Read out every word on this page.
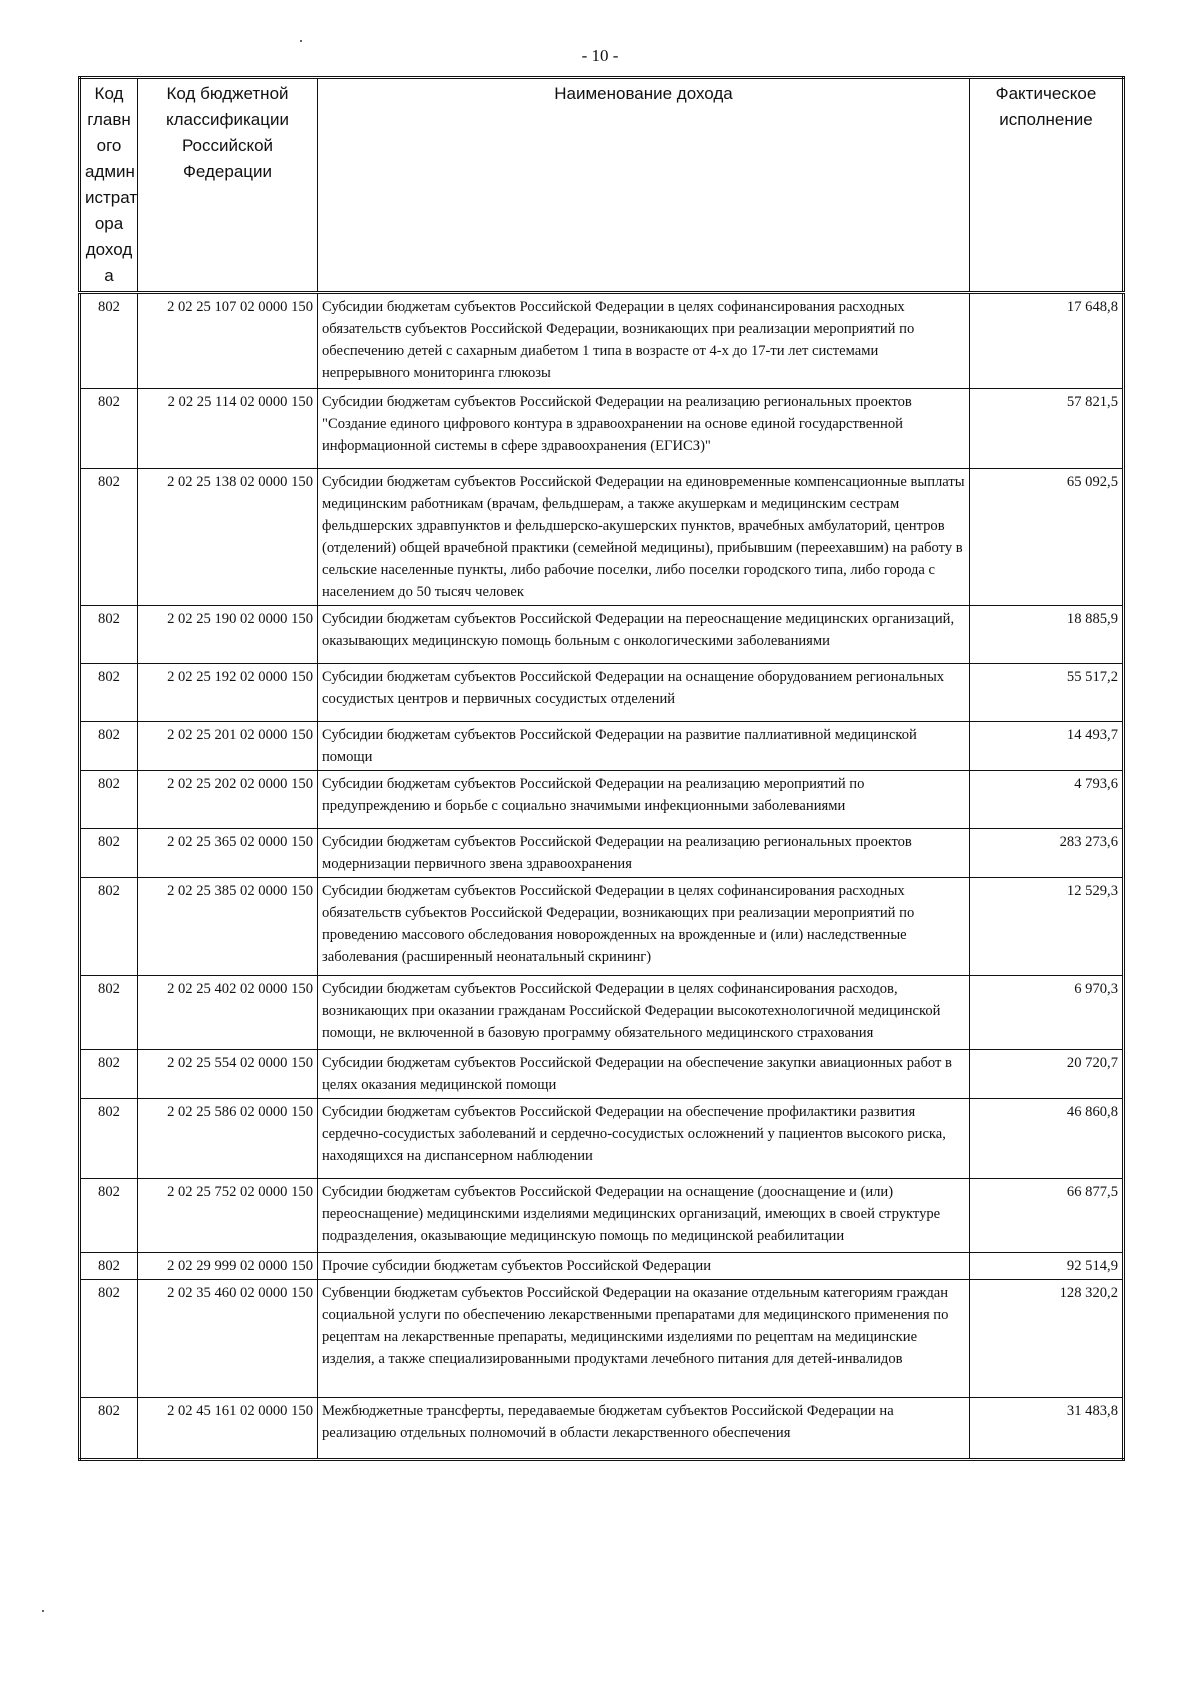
- 10 -
Код главн ого админ истрат ора доход а	Код бюджетной классификации Российской Федерации	Наименование дохода	Фактическое исполнение
802	2 02 25 107 02 0000 150	Субсидии бюджетам субъектов Российской Федерации в целях софинансирования расходных обязательств субъектов Российской Федерации, возникающих при реализации мероприятий по обеспечению детей с сахарным диабетом 1 типа в возрасте от 4-х до 17-ти лет системами непрерывного мониторинга глюкозы	17 648,8
802	2 02 25 114 02 0000 150	Субсидии бюджетам субъектов Российской Федерации на реализацию региональных проектов "Создание единого цифрового контура в здравоохранении на основе единой государственной информационной системы в сфере здравоохранения (ЕГИСЗ)"	57 821,5
802	2 02 25 138 02 0000 150	Субсидии бюджетам субъектов Российской Федерации на единовременные компенсационные выплаты медицинским работникам (врачам, фельдшерам, а также акушеркам и медицинским сестрам фельдшерских здравпунктов и фельдшерско-акушерских пунктов, врачебных амбулаторий, центров (отделений) общей врачебной практики (семейной медицины), прибывшим (переехавшим) на работу в сельские населенные пункты, либо рабочие поселки, либо поселки городского типа, либо города с населением до 50 тысяч человек	65 092,5
802	2 02 25 190 02 0000 150	Субсидии бюджетам субъектов Российской Федерации на переоснащение медицинских организаций, оказывающих медицинскую помощь больным с онкологическими заболеваниями	18 885,9
802	2 02 25 192 02 0000 150	Субсидии бюджетам субъектов Российской Федерации на оснащение оборудованием региональных сосудистых центров и первичных сосудистых отделений	55 517,2
802	2 02 25 201 02 0000 150	Субсидии бюджетам субъектов Российской Федерации на развитие паллиативной медицинской помощи	14 493,7
802	2 02 25 202 02 0000 150	Субсидии бюджетам субъектов Российской Федерации на реализацию мероприятий по предупреждению и борьбе с социально значимыми инфекционными заболеваниями	4 793,6
802	2 02 25 365 02 0000 150	Субсидии бюджетам субъектов Российской Федерации на реализацию региональных проектов модернизации первичного звена здравоохранения	283 273,6
802	2 02 25 385 02 0000 150	Субсидии бюджетам субъектов Российской Федерации в целях софинансирования расходных обязательств субъектов Российской Федерации, возникающих при реализации мероприятий по проведению массового обследования новорожденных на врожденные и (или) наследственные заболевания (расширенный неонатальный скрининг)	12 529,3
802	2 02 25 402 02 0000 150	Субсидии бюджетам субъектов Российской Федерации в целях софинансирования расходов, возникающих при оказании гражданам Российской Федерации высокотехнологичной медицинской помощи, не включенной в базовую программу обязательного медицинского страхования	6 970,3
802	2 02 25 554 02 0000 150	Субсидии бюджетам субъектов Российской Федерации на обеспечение закупки авиационных работ в целях оказания медицинской помощи	20 720,7
802	2 02 25 586 02 0000 150	Субсидии бюджетам субъектов Российской Федерации на обеспечение профилактики развития сердечно-сосудистых заболеваний и сердечно-сосудистых осложнений у пациентов высокого риска, находящихся на диспансерном наблюдении	46 860,8
802	2 02 25 752 02 0000 150	Субсидии бюджетам субъектов Российской Федерации на оснащение (дооснащение и (или) переоснащение) медицинскими изделиями медицинских организаций, имеющих в своей структуре подразделения, оказывающие медицинскую помощь по медицинской реабилитации	66 877,5
802	2 02 29 999 02 0000 150	Прочие субсидии бюджетам субъектов Российской Федерации	92 514,9
802	2 02 35 460 02 0000 150	Субвенции бюджетам субъектов Российской Федерации на оказание отдельным категориям граждан социальной услуги по обеспечению лекарственными препаратами для медицинского применения по рецептам на лекарственные препараты, медицинскими изделиями по рецептам на медицинские изделия, а также специализированными продуктами лечебного питания для детей-инвалидов	128 320,2
802	2 02 45 161 02 0000 150	Межбюджетные трансферты, передаваемые бюджетам субъектов Российской Федерации на реализацию отдельных полномочий в области лекарственного обеспечения	31 483,8
